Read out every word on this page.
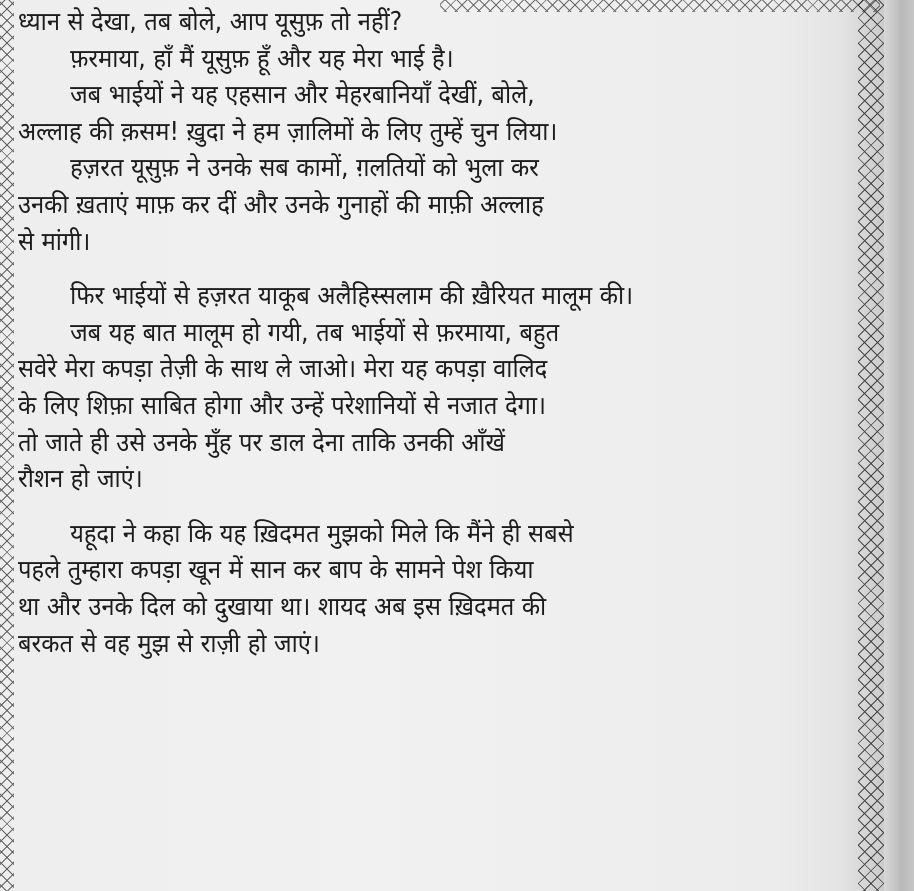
ध्यान से देखा, तब बोले, आप यूसुफ़ तो नहीं?
फ़रमाया, हाँ मैं यूसुफ़ हूँ और यह मेरा भाई है।
जब भाईयों ने यह एहसान और मेहरबानियाँ देखीं, बोले,
अल्लाह की क़सम! ख़ुदा ने हम ज़ालिमों के लिए तुम्हें चुन लिया।
हज़रत यूसुफ़ ने उनके सब कामों, ग़लतियों को भुला कर
उनकी ख़ताएं माफ़ कर दीं और उनके गुनाहों की माफ़ी अल्लाह
से मांगी।
फिर भाईयों से हज़रत याकूब अलैहिस्सलाम की ख़ैरियत मालूम की।
जब यह बात मालूम हो गयी, तब भाईयों से फ़रमाया, बहुत
सवेरे मेरा कपड़ा तेज़ी के साथ ले जाओ। मेरा यह कपड़ा वालिद
के लिए शिफ़ा साबित होगा और उन्हें परेशानियों से नजात देगा।
तो जाते ही उसे उनके मुँह पर डाल देना ताकि उनकी आँखें
रौशन हो जाएं।
यहूदा ने कहा कि यह ख़िदमत मुझको मिले कि मैंने ही सबसे
पहले तुम्हारा कपड़ा खून में सान कर बाप के सामने पेश किया
था और उनके दिल को दुखाया था। शायद अब इस ख़िदमत की
बरकत से वह मुझ से राज़ी हो जाएं।
